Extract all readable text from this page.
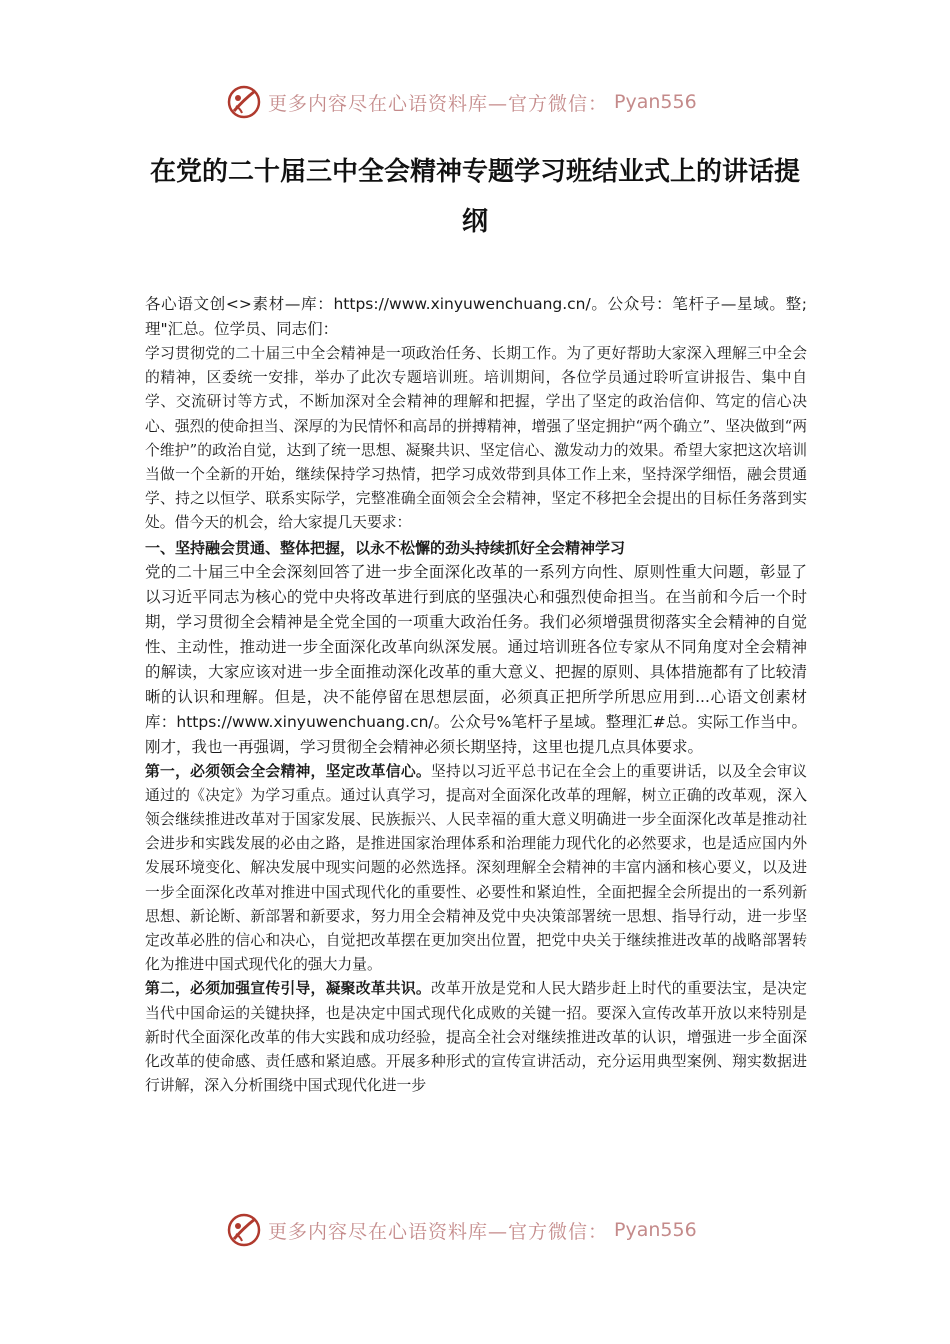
更多内容尽在心语资料库—官方微信： Pyan556
在党的二十届三中全会精神专题学习班结业式上的讲话提纲

各心语文创<>素材—库：https://www.xinyuwenchuang.cn/。公众号：笔杆子—星域。整;理"汇总。位学员、同志们：

学习贯彻党的二十届三中全会精神是一项政治任务、长期工作。为了更好帮助大家深入理解三中全会的精神，区委统一安排，举办了此次专题培训班。培训期间，各位学员通过聆听宣讲报告、集中自学、交流研讨等方式，不断加深对全会精神的理解和把握，学出了坚定的政治信仰、笃定的信心决心、强烈的使命担当、深厚的为民情怀和高昂的拼搏精神，增强了坚定拥护“两个确立”、坚决做到“两个维护”的政治自觉，达到了统一思想、凝聚共识、坚定信心、激发动力的效果。希望大家把这次培训当做一个全新的开始，继续保持学习热情，把学习成效带到具体工作上来，坚持深学细悟，融会贯通学、持之以恒学、联系实际学，完整准确全面领会全会精神，坚定不移把全会提出的目标任务落到实处。借今天的机会，给大家提几天要求：

一、坚持融会贯通、整体把握，以永不松懈的劲头持续抓好全会精神学习

党的二十届三中全会深刻回答了进一步全面深化改革的一系列方向性、原则性重大问题，彰显了以习近平同志为核心的党中央将改革进行到底的坚强决心和强烈使命担当。在当前和今后一个时期，学习贯彻全会精神是全党全国的一项重大政治任务。我们必须增强贯彻落实全会精神的自觉性、主动性，推动进一步全面深化改革向纵深发展。通过培训班各位专家从不同角度对全会精神的解读，大家应该对进一步全面推动深化改革的重大意义、把握的原则、具体措施都有了比较清晰的认识和理解。但是，决不能停留在思想层面，必须真正把所学所思应用到...心语文创素材库：https://www.xinyuwenchuang.cn/。公众号%笔杆子星域。整理汇#总。实际工作当中。刚才，我也一再强调，学习贯彻全会精神必须长期坚持，这里也提几点具体要求。

第一，必须领会全会精神，坚定改革信心。坚持以习近平总书记在全会上的重要讲话，以及全会审议通过的《决定》为学习重点。通过认真学习，提高对全面深化改革的理解，树立正确的改革观，深入领会继续推进改革对于国家发展、民族振兴、人民幸福的重大意义明确进一步全面深化改革是推动社会进步和实践发展的必由之路，是推进国家治理体系和治理能力现代化的必然要求，也是适应国内外发展环境变化、解决发展中现实问题的必然选择。深刻理解全会精神的丰富内涵和核心要义，以及进一步全面深化改革对推进中国式现代化的重要性、必要性和紧迫性，全面把握全会所提出的一系列新思想、新论断、新部署和新要求，努力用全会精神及党中央决策部署统一思想、指导行动，进一步坚定改革必胜的信心和决心，自觉把改革摆在更加突出位置，把党中央关于继续推进改革的战略部署转化为推进中国式现代化的强大力量。

第二，必须加强宣传引导，凝聚改革共识。改革开放是党和人民大踏步赶上时代的重要法宝，是决定当代中国命运的关键抉择，也是决定中国式现代化成败的关键一招。要深入宣传改革开放以来特别是新时代全面深化改革的伟大实践和成功经验，提高全社会对继续推进改革的认识，增强进一步全面深化改革的使命感、责任感和紧迫感。开展多种形式的宣传宣讲活动，充分运用典型案例、翔实数据进行讲解，深入分析围绕中国式现代化进一步

更多内容尽在心语资料库—官方微信： Pyan556
